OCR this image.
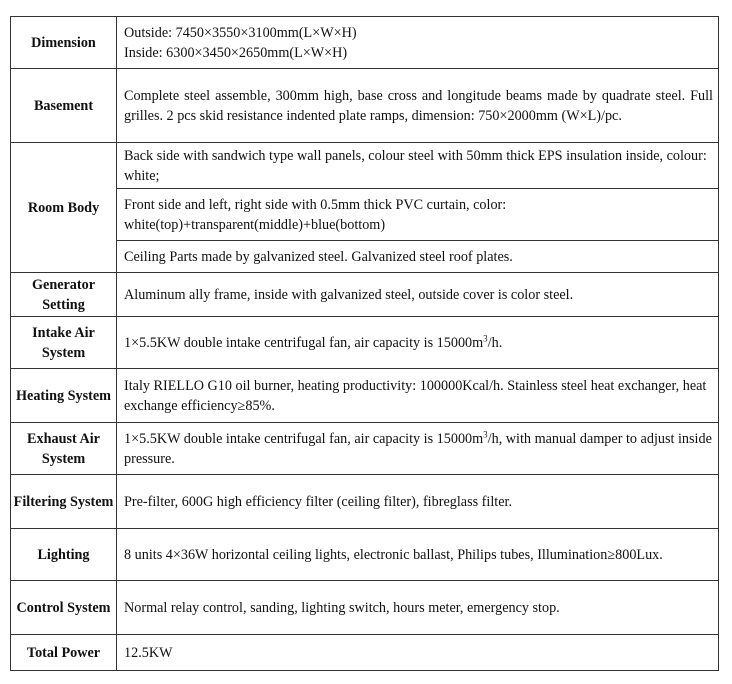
Dimension	Outside: 7450×3550×3100mm(L×W×H)
Inside: 6300×3450×2650mm(L×W×H)

Basement	Complete steel assemble, 300mm high, base cross and longitude beams made by quadrate steel. Full grilles. 2 pcs skid resistance indented plate ramps, dimension: 750×2000mm (W×L)/pc.
Room Body	Back side with sandwich type wall panels, colour steel with 50mm thick EPS insulation inside, colour: white;
	Front side and left, right side with 0.5mm thick PVC curtain, color: white(top)+transparent(middle)+blue(bottom)
	Ceiling Parts made by galvanized steel. Galvanized steel roof plates.
Generator Setting	Aluminum ally frame, inside with galvanized steel, outside cover is color steel.
Intake Air System	1×5.5KW double intake centrifugal fan, air capacity is $15000m^3/h$.
Heating System	Italy RIELLO G10 oil burner, heating productivity: 100000Kcal/h. Stainless steel heat exchanger, heat exchange efficiency≥85%.
Exhaust Air System	1×5.5KW double intake centrifugal fan, air capacity is $15000m^3/h$, with manual damper to adjust inside pressure.
Filtering System	Pre-filter, 600G high efficiency filter (ceiling filter), fibreglass filter.
Lighting	8 units 4×36W horizontal ceiling lights, electronic ballast, Philips tubes, Illumination≥800Lux.
Control System	Normal relay control, sanding, lighting switch, hours meter, emergency stop.
Total Power	12.5KW
